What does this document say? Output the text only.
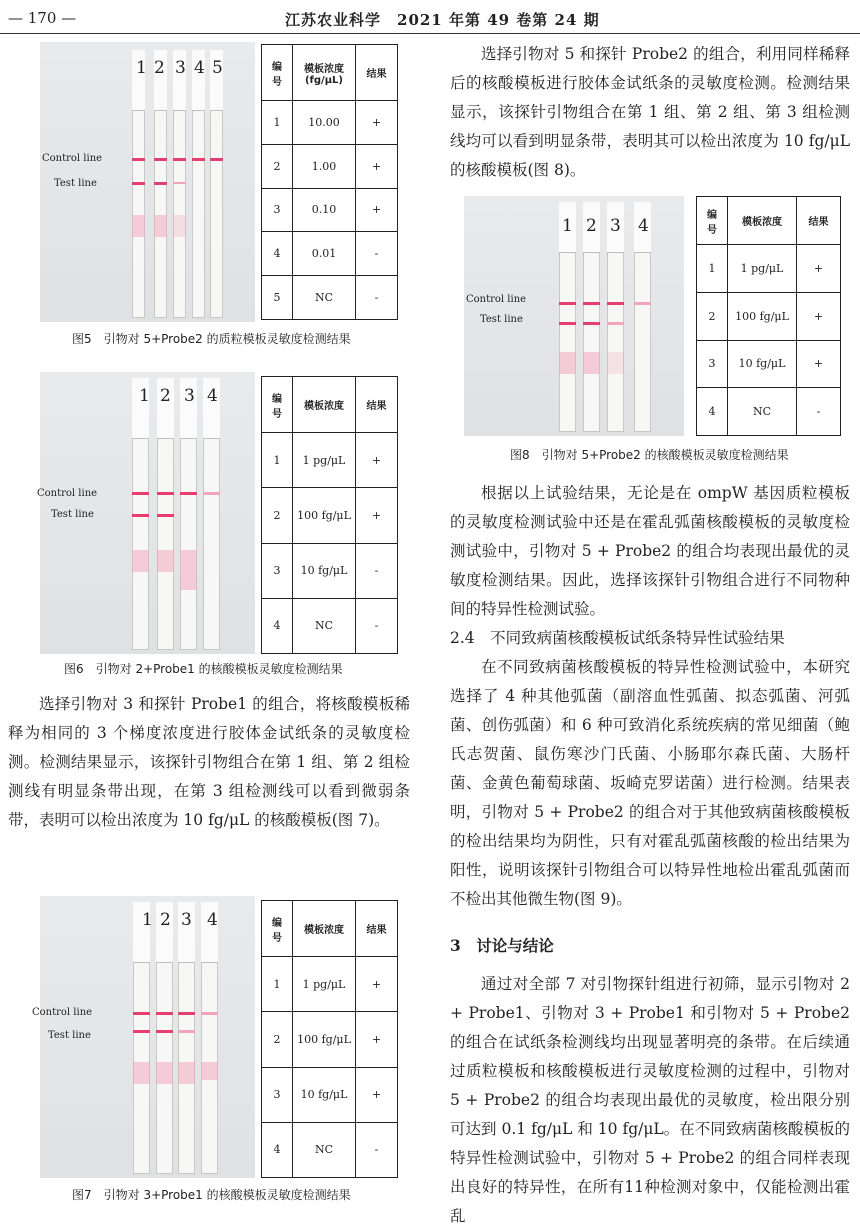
— 170 —	江苏农业科学　2021 年第 49 卷第 24 期
1 2 3 4 5
Control line
Test line
编
号	模板浓度
(fg/μL)	结果
1	10.00	+
2	1.00	+
3	0.10	+
4	0.01	-
5	NC	-
图5　引物对 5+Probe2 的质粒模板灵敏度检测结果
1 2 3 4
Control line
Test line
编
号	模板浓度	结果
1	1 pg/μL	+
2	100 fg/μL	+
3	10 fg/μL	-
4	NC	-
图6　引物对 2+Probe1 的核酸模板灵敏度检测结果

选择引物对 3 和探针 Probe1 的组合，将核酸模板稀释为相同的 3 个梯度浓度进行胶体金试纸条的灵敏度检测。检测结果显示，该探针引物组合在第 1 组、第 2 组检测线有明显条带出现，在第 3 组检测线可以看到微弱条带，表明可以检出浓度为 10 fg/μL 的核酸模板(图 7)。

1 2 3 4
Control line
Test line
编
号	模板浓度	结果
1	1 pg/μL	+
2	100 fg/μL	+
3	10 fg/μL	+
4	NC	-
图7　引物对 3+Probe1 的核酸模板灵敏度检测结果

选择引物对 5 和探针 Probe2 的组合，利用同样稀释后的核酸模板进行胶体金试纸条的灵敏度检测。检测结果显示，该探针引物组合在第 1 组、第 2 组、第 3 组检测线均可以看到明显条带，表明其可以检出浓度为 10 fg/μL 的核酸模板(图 8)。

1 2 3 4
Control line
Test line
编
号	模板浓度	结果
1	1 pg/μL	+
2	100 fg/μL	+
3	10 fg/μL	+
4	NC	-
图8　引物对 5+Probe2 的核酸模板灵敏度检测结果

根据以上试验结果，无论是在 ompW 基因质粒模板的灵敏度检测试验中还是在霍乱弧菌核酸模板的灵敏度检测试验中，引物对 5 + Probe2 的组合均表现出最优的灵敏度检测结果。因此，选择该探针引物组合进行不同物种间的特异性检测试验。

2.4　不同致病菌核酸模板试纸条特异性试验结果

在不同致病菌核酸模板的特异性检测试验中，本研究选择了 4 种其他弧菌（副溶血性弧菌、拟态弧菌、河弧菌、创伤弧菌）和 6 种可致消化系统疾病的常见细菌（鲍氏志贺菌、鼠伤寒沙门氏菌、小肠耶尔森氏菌、大肠杆菌、金黄色葡萄球菌、坂崎克罗诺菌）进行检测。结果表明，引物对 5 + Probe2 的组合对于其他致病菌核酸模板的检出结果均为阴性，只有对霍乱弧菌核酸的检出结果为阳性，说明该探针引物组合可以特异性地检出霍乱弧菌而不检出其他微生物(图 9)。

3　讨论与结论

通过对全部 7 对引物探针组进行初筛，显示引物对 2 + Probe1、引物对 3 + Probe1 和引物对 5 + Probe2 的组合在试纸条检测线均出现显著明亮的条带。在后续通过质粒模板和核酸模板进行灵敏度检测的过程中，引物对 5 + Probe2 的组合均表现出最优的灵敏度，检出限分别可达到 0.1 fg/μL 和 10 fg/μL。在不同致病菌核酸模板的特异性检测试验中，引物对 5 + Probe2 的组合同样表现出良好的特异性，在所有11种检测对象中，仅能检测出霍乱
